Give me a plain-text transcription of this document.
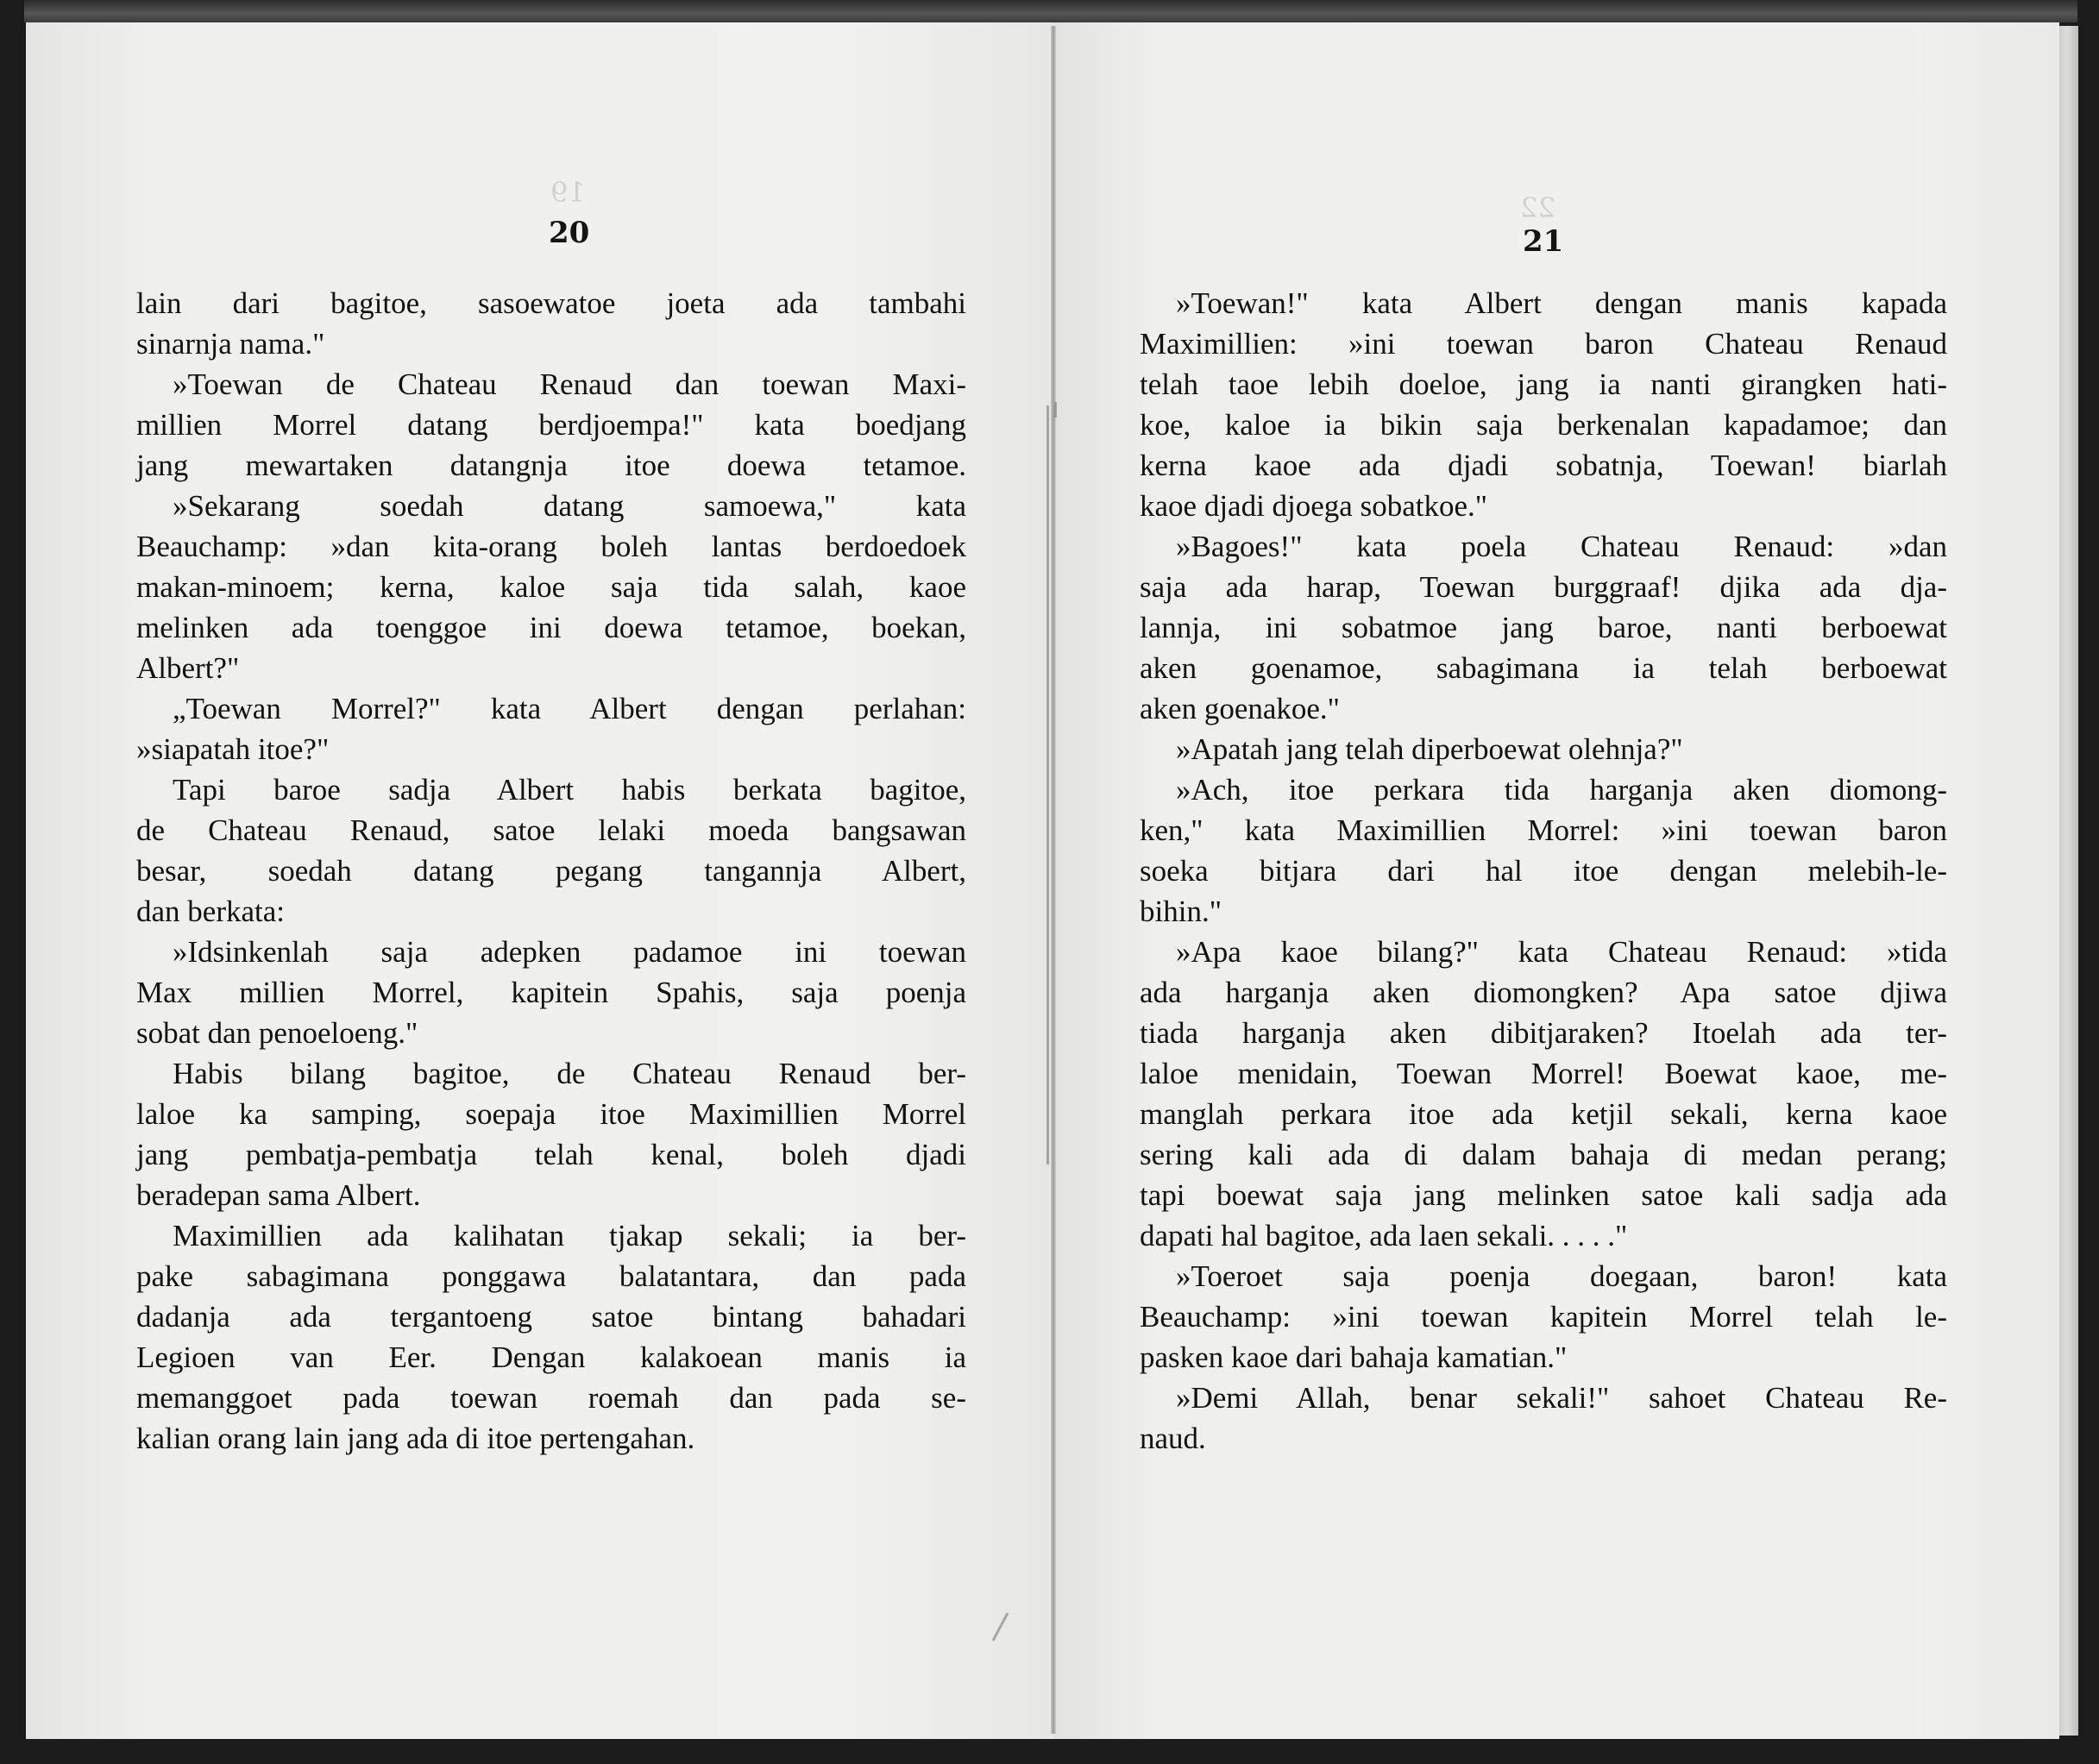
19	22
20	21
lain dari bagitoe, sasoewatoe joeta ada tambahi
sinarnja nama."
»Toewan de Chateau Renaud dan toewan Maxi-
millien Morrel datang berdjoempa!" kata boedjang
jang mewartaken datangnja itoe doewa tetamoe.
»Sekarang soedah datang samoewa," kata
Beauchamp: »dan kita-orang boleh lantas berdoedoek
makan-minoem; kerna, kaloe saja tida salah, kaoe
melinken ada toenggoe ini doewa tetamoe, boekan,
Albert?"
„Toewan Morrel?" kata Albert dengan perlahan:
»siapatah itoe?"
Tapi baroe sadja Albert habis berkata bagitoe,
de Chateau Renaud, satoe lelaki moeda bangsawan
besar, soedah datang pegang tangannja Albert,
dan berkata:
»Idsinkenlah saja adepken padamoe ini toewan
Max millien Morrel, kapitein Spahis, saja poenja
sobat dan penoeloeng."
Habis bilang bagitoe, de Chateau Renaud ber-
laloe ka samping, soepaja itoe Maximillien Morrel
jang pembatja-pembatja telah kenal, boleh djadi
beradepan sama Albert.
Maximillien ada kalihatan tjakap sekali; ia ber-
pake sabagimana ponggawa balatantara, dan pada
dadanja ada tergantoeng satoe bintang bahadari
Legioen van Eer. Dengan kalakoean manis ia
memanggoet pada toewan roemah dan pada se-
kalian orang lain jang ada di itoe pertengahan.
»Toewan!" kata Albert dengan manis kapada
Maximillien: »ini toewan baron Chateau Renaud
telah taoe lebih doeloe, jang ia nanti girangken hati-
koe, kaloe ia bikin saja berkenalan kapadamoe; dan
kerna kaoe ada djadi sobatnja, Toewan! biarlah
kaoe djadi djoega sobatkoe."
»Bagoes!" kata poela Chateau Renaud: »dan
saja ada harap, Toewan burggraaf! djika ada dja-
lannja, ini sobatmoe jang baroe, nanti berboewat
aken goenamoe, sabagimana ia telah berboewat
aken goenakoe."
»Apatah jang telah diperboewat olehnja?"
»Ach, itoe perkara tida harganja aken diomong-
ken," kata Maximillien Morrel: »ini toewan baron
soeka bitjara dari hal itoe dengan melebih-le-
bihin."
»Apa kaoe bilang?" kata Chateau Renaud: »tida
ada harganja aken diomongken? Apa satoe djiwa
tiada harganja aken dibitjaraken? Itoelah ada ter-
laloe menidain, Toewan Morrel! Boewat kaoe, me-
manglah perkara itoe ada ketjil sekali, kerna kaoe
sering kali ada di dalam bahaja di medan perang;
tapi boewat saja jang melinken satoe kali sadja ada
dapati hal bagitoe, ada laen sekali. . . . ."
»Toeroet saja poenja doegaan, baron! kata
Beauchamp: »ini toewan kapitein Morrel telah le-
pasken kaoe dari bahaja kamatian."
»Demi Allah, benar sekali!" sahoet Chateau Re-
naud.
